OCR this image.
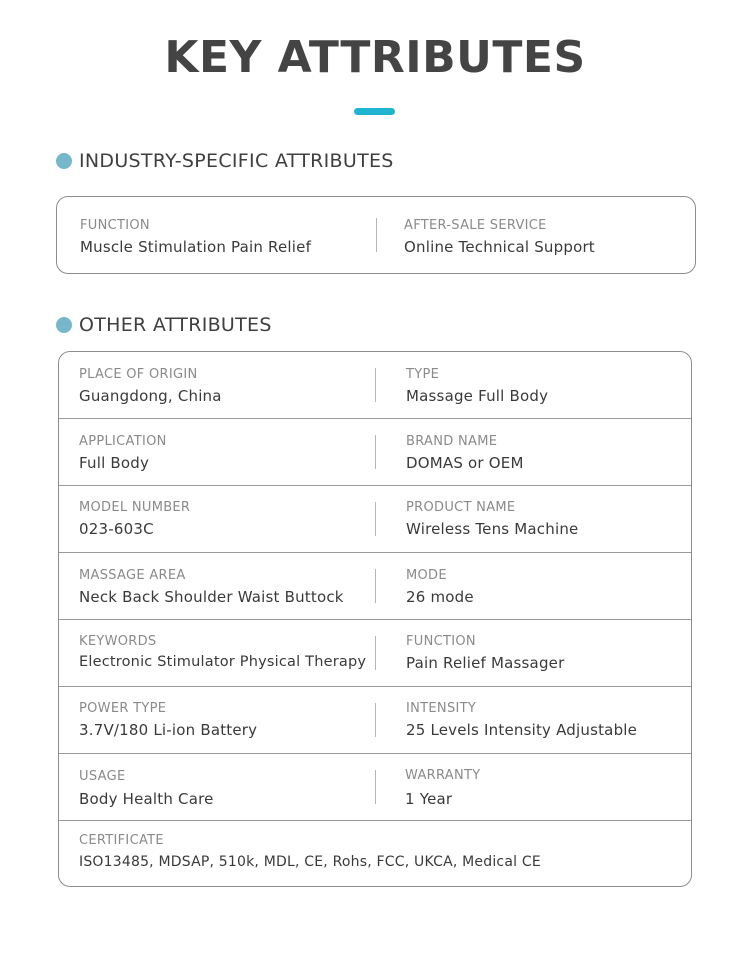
KEY ATTRIBUTES
INDUSTRY-SPECIFIC ATTRIBUTES
FUNCTION
Muscle Stimulation Pain Relief
AFTER-SALE SERVICE
Online Technical Support
OTHER ATTRIBUTES
PLACE OF ORIGIN
Guangdong, China
TYPE
Massage Full Body
APPLICATION
Full Body
BRAND NAME
DOMAS or OEM
MODEL NUMBER
023-603C
PRODUCT NAME
Wireless Tens Machine
MASSAGE AREA
Neck Back Shoulder Waist Buttock
MODE
26 mode
KEYWORDS
Electronic Stimulator Physical Therapy
FUNCTION
Pain Relief Massager
POWER TYPE
3.7V/180 Li-ion Battery
INTENSITY
25 Levels Intensity Adjustable
USAGE
Body Health Care
WARRANTY
1 Year
CERTIFICATE
ISO13485, MDSAP, 510k, MDL, CE, Rohs, FCC, UKCA, Medical CE
